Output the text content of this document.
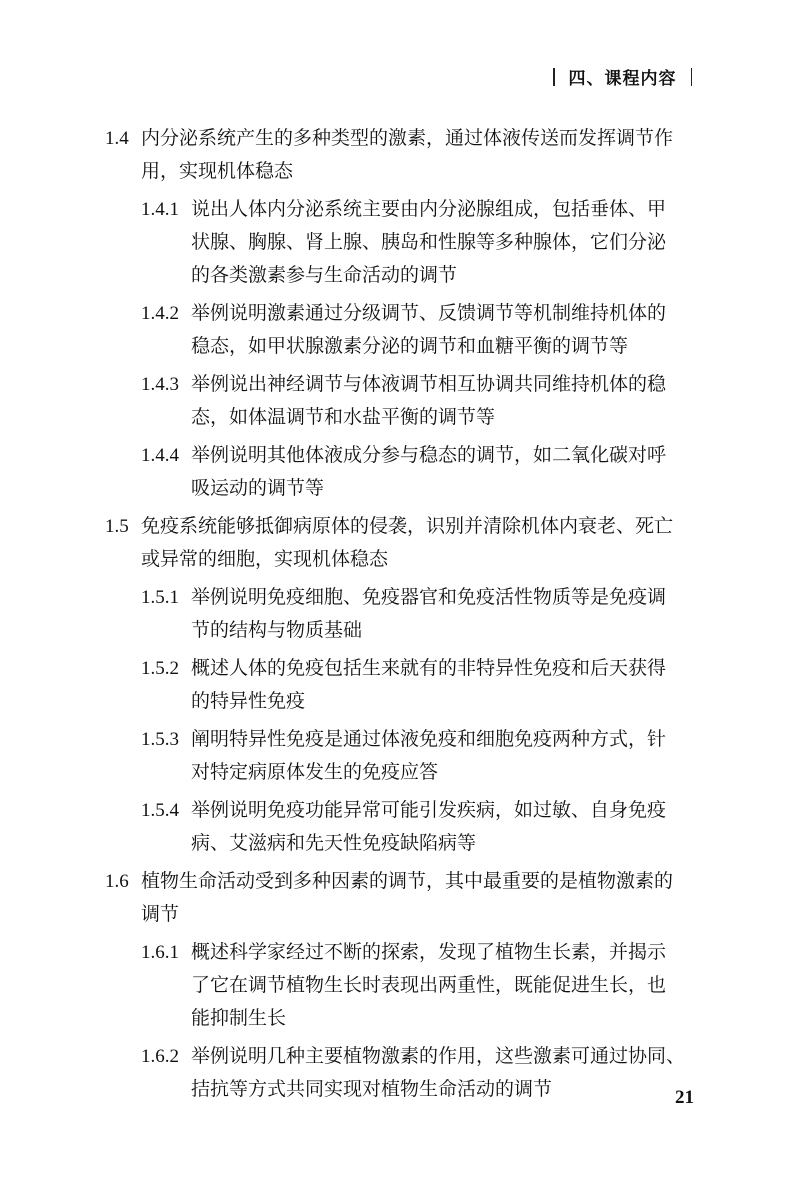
四、课程内容
1.4 内分泌系统产生的多种类型的激素，通过体液传送而发挥调节作
用，实现机体稳态
1.4.1 说出人体内分泌系统主要由内分泌腺组成，包括垂体、甲
状腺、胸腺、肾上腺、胰岛和性腺等多种腺体，它们分泌
的各类激素参与生命活动的调节
1.4.2 举例说明激素通过分级调节、反馈调节等机制维持机体的
稳态，如甲状腺激素分泌的调节和血糖平衡的调节等
1.4.3 举例说出神经调节与体液调节相互协调共同维持机体的稳
态，如体温调节和水盐平衡的调节等
1.4.4 举例说明其他体液成分参与稳态的调节，如二氧化碳对呼
吸运动的调节等
1.5 免疫系统能够抵御病原体的侵袭，识别并清除机体内衰老、死亡
或异常的细胞，实现机体稳态
1.5.1 举例说明免疫细胞、免疫器官和免疫活性物质等是免疫调
节的结构与物质基础
1.5.2 概述人体的免疫包括生来就有的非特异性免疫和后天获得
的特异性免疫
1.5.3 阐明特异性免疫是通过体液免疫和细胞免疫两种方式，针
对特定病原体发生的免疫应答
1.5.4 举例说明免疫功能异常可能引发疾病，如过敏、自身免疫
病、艾滋病和先天性免疫缺陷病等
1.6 植物生命活动受到多种因素的调节，其中最重要的是植物激素的
调节
1.6.1 概述科学家经过不断的探索，发现了植物生长素，并揭示
了它在调节植物生长时表现出两重性，既能促进生长，也
能抑制生长
1.6.2 举例说明几种主要植物激素的作用，这些激素可通过协同、
拮抗等方式共同实现对植物生命活动的调节	21
